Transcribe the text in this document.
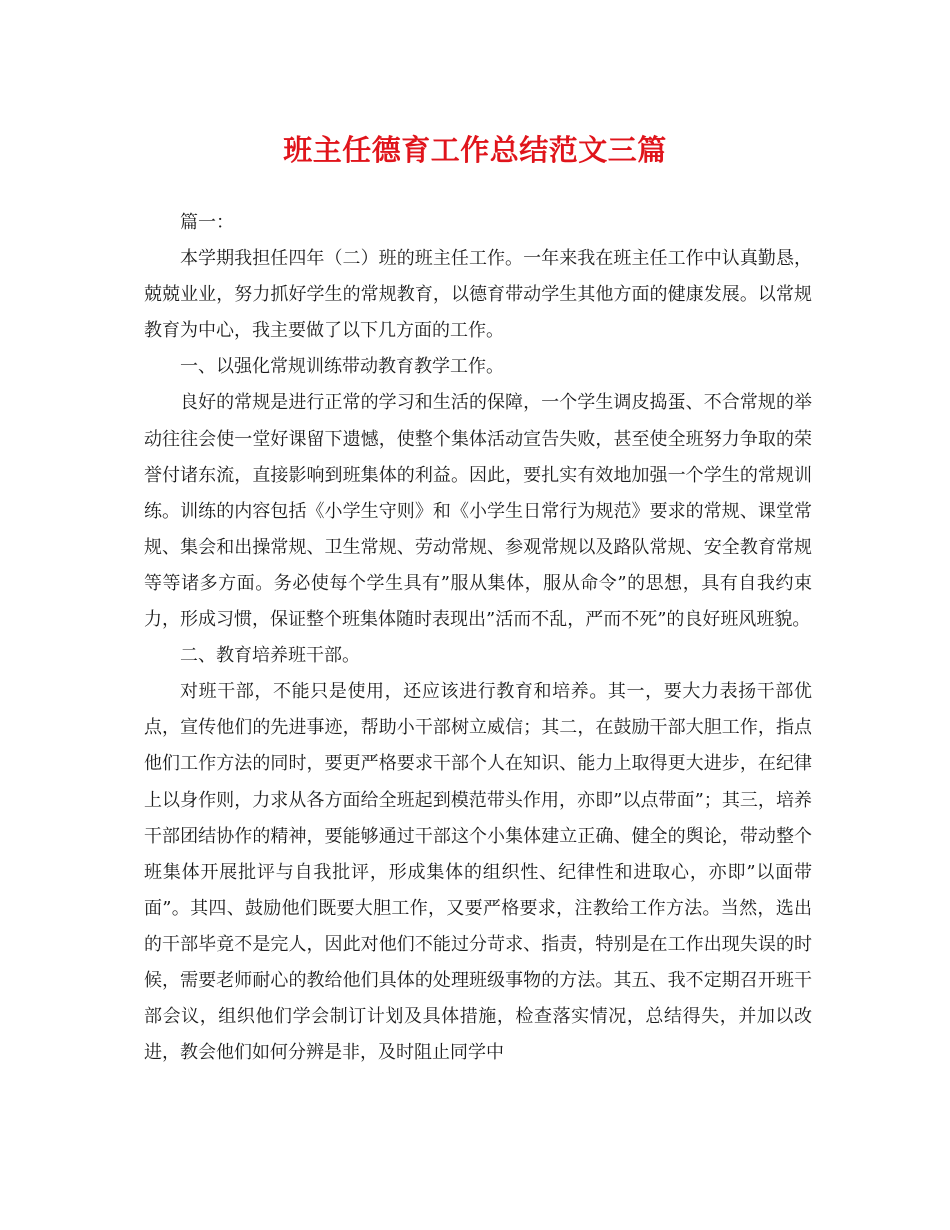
班主任德育工作总结范文三篇

篇一：

本学期我担任四年（二）班的班主任工作。一年来我在班主任工作中认真勤恳，兢兢业业，努力抓好学生的常规教育，以德育带动学生其他方面的健康发展。以常规教育为中心，我主要做了以下几方面的工作。

一、以强化常规训练带动教育教学工作。

良好的常规是进行正常的学习和生活的保障，一个学生调皮捣蛋、不合常规的举动往往会使一堂好课留下遗憾，使整个集体活动宣告失败，甚至使全班努力争取的荣誉付诸东流，直接影响到班集体的利益。因此，要扎实有效地加强一个学生的常规训练。训练的内容包括《小学生守则》和《小学生日常行为规范》要求的常规、课堂常规、集会和出操常规、卫生常规、劳动常规、参观常规以及路队常规、安全教育常规等等诸多方面。务必使每个学生具有”服从集体，服从命令”的思想，具有自我约束力，形成习惯，保证整个班集体随时表现出”活而不乱，严而不死”的良好班风班貌。

二、教育培养班干部。

对班干部，不能只是使用，还应该进行教育和培养。其一，要大力表扬干部优点，宣传他们的先进事迹，帮助小干部树立威信；其二，在鼓励干部大胆工作，指点他们工作方法的同时，要更严格要求干部个人在知识、能力上取得更大进步，在纪律上以身作则，力求从各方面给全班起到模范带头作用，亦即”以点带面”；其三，培养干部团结协作的精神，要能够通过干部这个小集体建立正确、健全的舆论，带动整个班集体开展批评与自我批评，形成集体的组织性、纪律性和进取心，亦即”以面带面”。其四、鼓励他们既要大胆工作，又要严格要求，注教给工作方法。当然，选出的干部毕竟不是完人，因此对他们不能过分苛求、指责，特别是在工作出现失误的时候，需要老师耐心的教给他们具体的处理班级事物的方法。其五、我不定期召开班干部会议，组织他们学会制订计划及具体措施，检查落实情况，总结得失，并加以改进，教会他们如何分辨是非，及时阻止同学中
